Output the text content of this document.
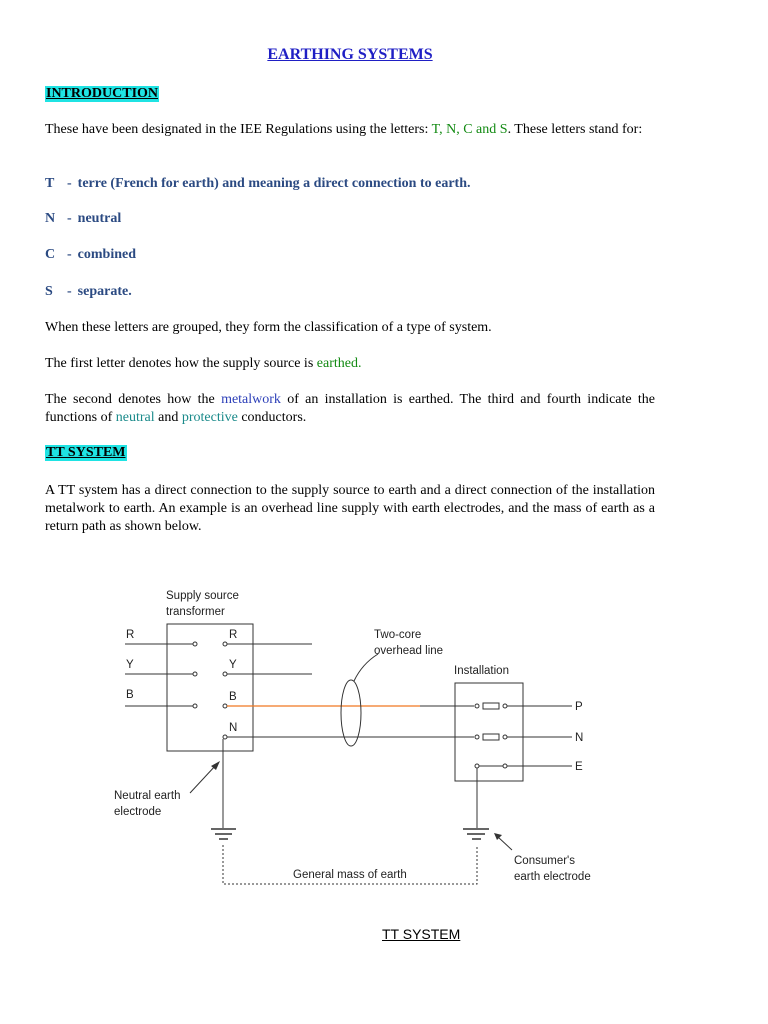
EARTHING SYSTEMS
INTRODUCTION
These have been designated in the IEE Regulations using the letters: T, N, C and S. These letters stand for:
T - terre (French for earth) and meaning a direct connection to earth.
N - neutral
C - combined
S - separate.
When these letters are grouped, they form the classification of a type of system.
The first letter denotes how the supply source is earthed.
The second denotes how the metalwork of an installation is earthed. The third and fourth indicate the functions of neutral and protective conductors.
TT SYSTEM
A TT system has a direct connection to the supply source to earth and a direct connection of the installation metalwork to earth. An example is an overhead line supply with earth electrodes, and the mass of earth as a return path as shown below.
Supply source
transformer
R
Y
B
R
Y
B
N
Two-core
overhead line
Installation
P
N
E
Neutral earth
electrode
Consumer's
earth electrode
General mass of earth
TT SYSTEM
